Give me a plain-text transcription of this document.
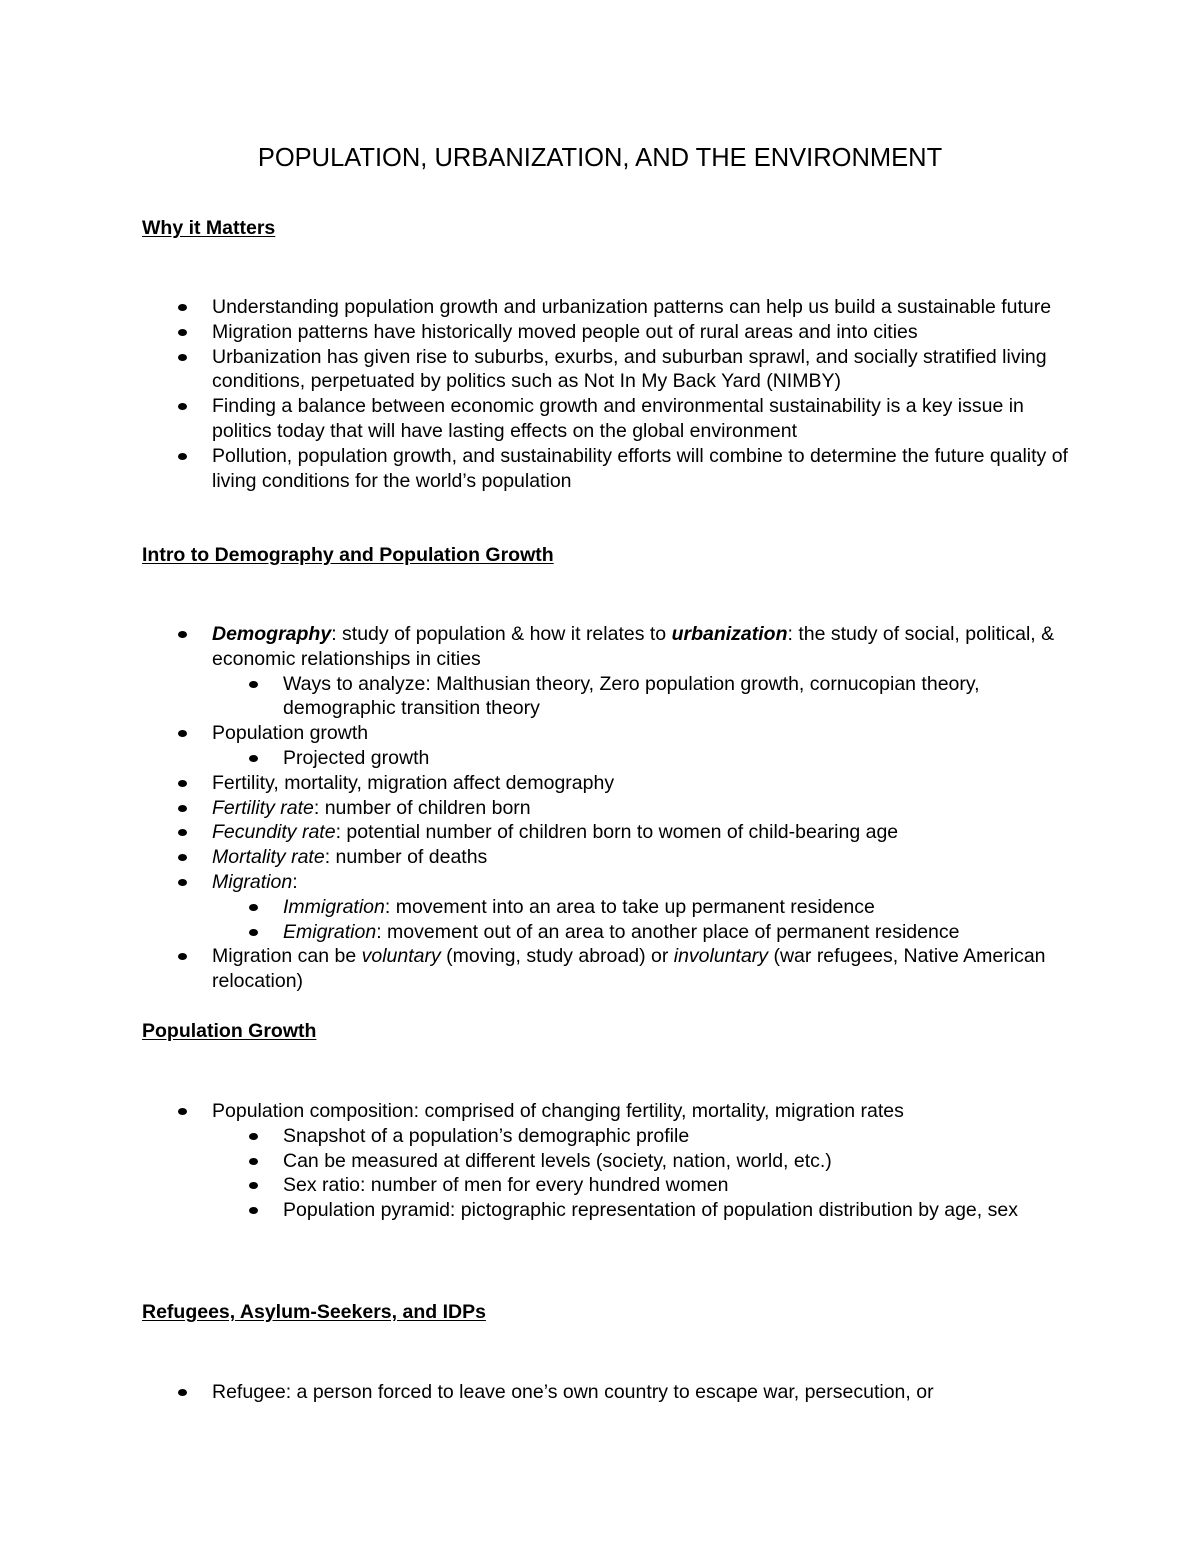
POPULATION, URBANIZATION, AND THE ENVIRONMENT
Why it Matters
Understanding population growth and urbanization patterns can help us build a sustainable future
Migration patterns have historically moved people out of rural areas and into cities
Urbanization has given rise to suburbs, exurbs, and suburban sprawl, and socially stratified living conditions, perpetuated by politics such as Not In My Back Yard (NIMBY)
Finding a balance between economic growth and environmental sustainability is a key issue in politics today that will have lasting effects on the global environment
Pollution, population growth, and sustainability efforts will combine to determine the future quality of living conditions for the world’s population
Intro to Demography and Population Growth
Demography: study of population & how it relates to urbanization: the study of social, political, & economic relationships in cities
Ways to analyze: Malthusian theory, Zero population growth, cornucopian theory, demographic transition theory
Population growth
Projected growth
Fertility, mortality, migration affect demography
Fertility rate: number of children born
Fecundity rate: potential number of children born to women of child-bearing age
Mortality rate: number of deaths
Migration:
Immigration: movement into an area to take up permanent residence
Emigration: movement out of an area to another place of permanent residence
Migration can be voluntary (moving, study abroad) or involuntary (war refugees, Native American relocation)
Population Growth
Population composition: comprised of changing fertility, mortality, migration rates
Snapshot of a population’s demographic profile
Can be measured at different levels (society, nation, world, etc.)
Sex ratio: number of men for every hundred women
Population pyramid: pictographic representation of population distribution by age, sex
Refugees, Asylum-Seekers, and IDPs
Refugee: a person forced to leave one’s own country to escape war, persecution, or
